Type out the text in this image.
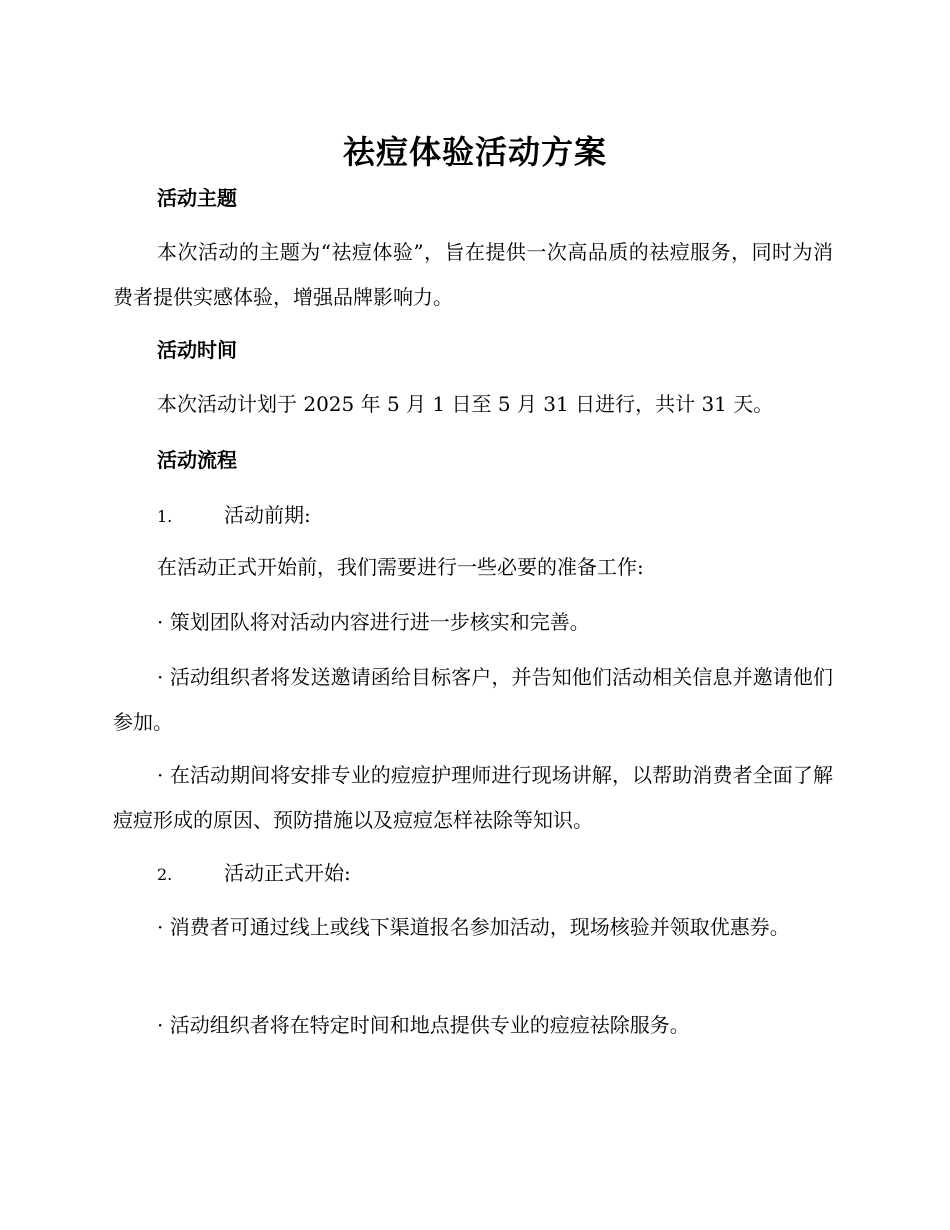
祛痘体验活动方案
活动主题
本次活动的主题为“祛痘体验”，旨在提供一次高品质的祛痘服务，同时为消费者提供实感体验，增强品牌影响力。
活动时间
本次活动计划于 2025 年 5 月 1 日至 5 月 31 日进行，共计 31 天。
活动流程
1.	活动前期:
在活动正式开始前，我们需要进行一些必要的准备工作:
· 策划团队将对活动内容进行进一步核实和完善。
· 活动组织者将发送邀请函给目标客户，并告知他们活动相关信息并邀请他们参加。
· 在活动期间将安排专业的痘痘护理师进行现场讲解，以帮助消费者全面了解痘痘形成的原因、预防措施以及痘痘怎样祛除等知识。
2.	活动正式开始:
· 消费者可通过线上或线下渠道报名参加活动，现场核验并领取优惠券。
· 活动组织者将在特定时间和地点提供专业的痘痘祛除服务。
